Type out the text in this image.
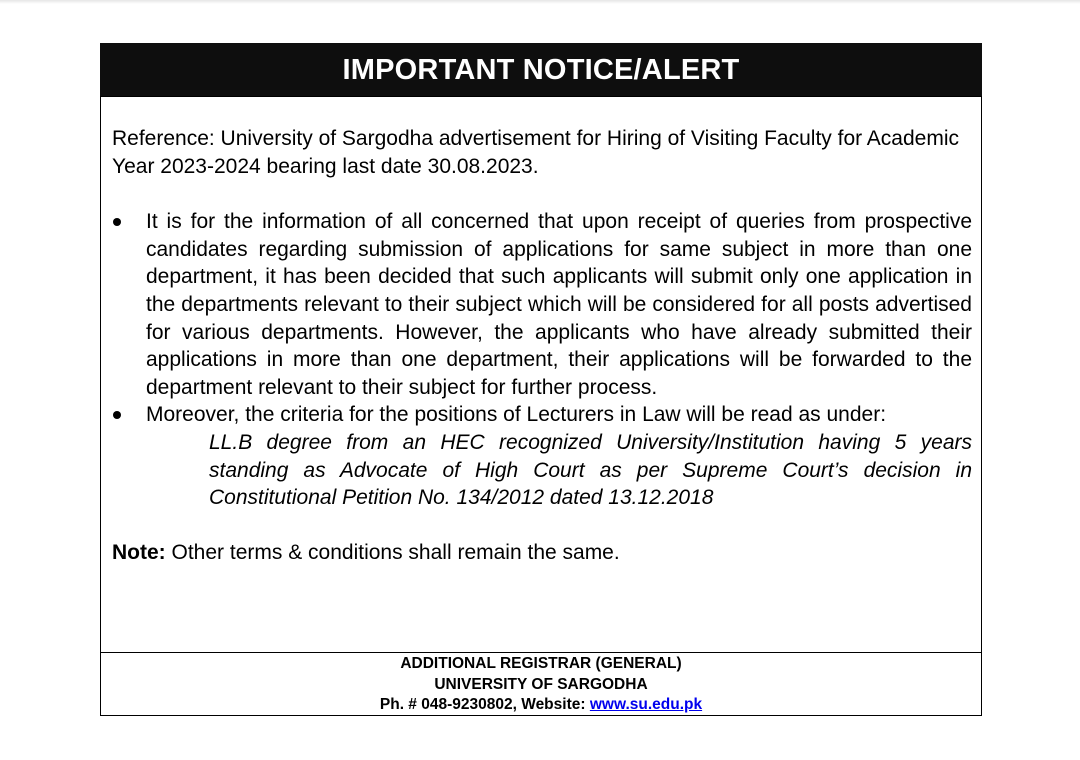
IMPORTANT NOTICE/ALERT

Reference: University of Sargodha advertisement for Hiring of Visiting Faculty for Academic Year 2023-2024 bearing last date 30.08.2023.

It is for the information of all concerned that upon receipt of queries from prospective candidates regarding submission of applications for same subject in more than one department, it has been decided that such applicants will submit only one application in the departments relevant to their subject which will be considered for all posts advertised for various departments. However, the applicants who have already submitted their applications in more than one department, their applications will be forwarded to the department relevant to their subject for further process.
Moreover, the criteria for the positions of Lecturers in Law will be read as under:

LL.B degree from an HEC recognized University/Institution having 5 years standing as Advocate of High Court as per Supreme Court’s decision in Constitutional Petition No. 134/2012 dated 13.12.2018

Note: Other terms & conditions shall remain the same.

ADDITIONAL REGISTRAR (GENERAL)
UNIVERSITY OF SARGODHA
Ph. # 048-9230802, Website: www.su.edu.pk
